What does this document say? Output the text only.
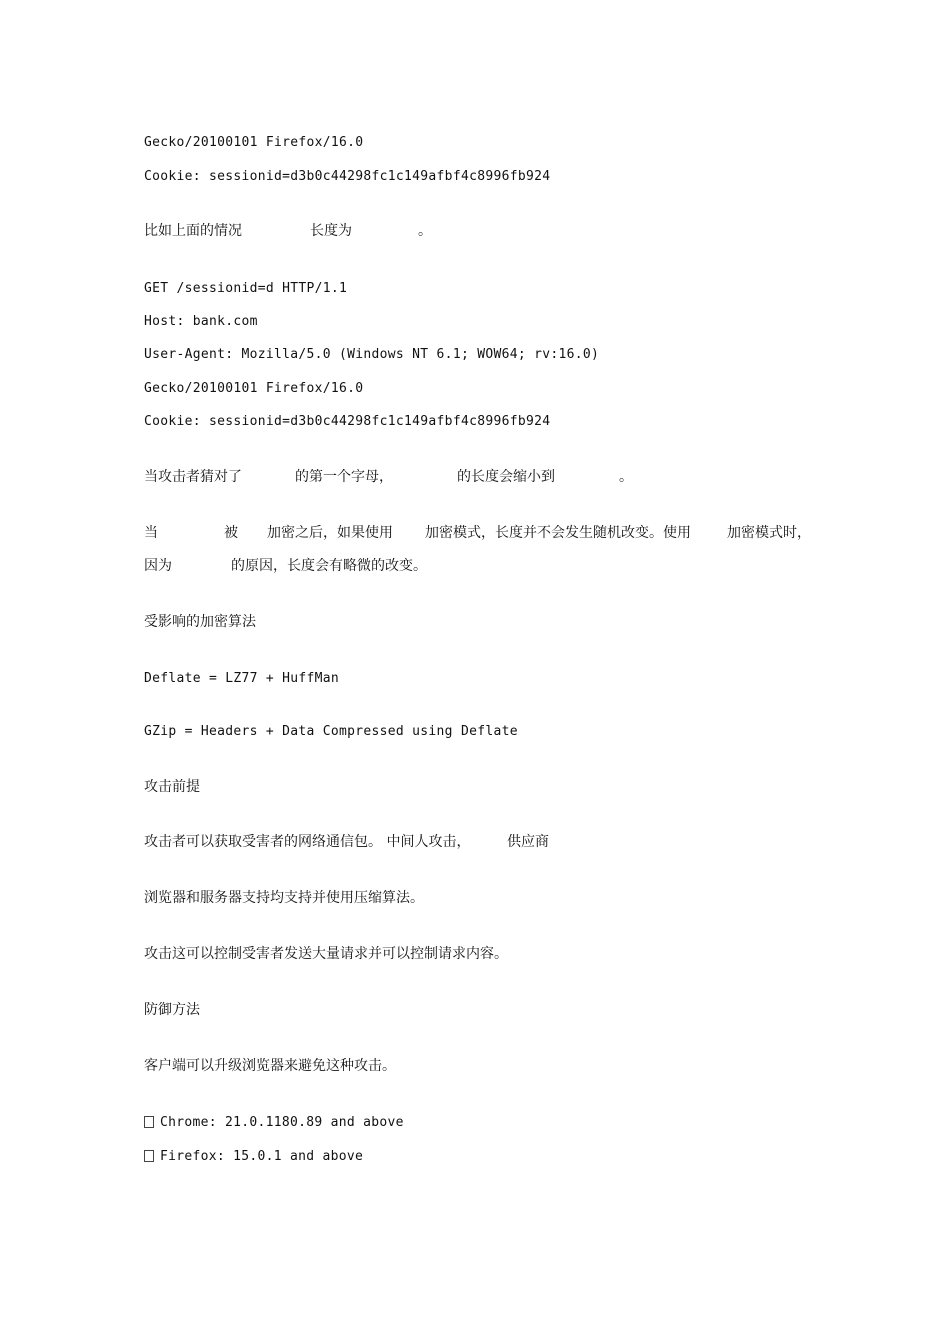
Gecko/20100101 Firefox/16.0
Cookie: sessionid=d3b0c44298fc1c149afbf4c8996fb924

比如上面的情况

	长度为

	。

GET /sessionid=d HTTP/1.1
Host: bank.com
User-Agent: Mozilla/5.0 (Windows NT 6.1; WOW64; rv:16.0)
Gecko/20100101 Firefox/16.0
Cookie: sessionid=d3b0c44298fc1c149afbf4c8996fb924

当攻击者猜对了

	的第一个字母，

	的长度会缩小到

	。

当

	被

加密之后，如果使用

加密模式，长度并不会发生随机改变。使用

	加密模式时，

因为

	的原因，长度会有略微的改变。

受影响的加密算法
Deflate = LZ77 + HuffMan
GZip = Headers + Data Compressed using Deflate
攻击前提

攻击者可以获取受害者的网络通信包。 中间人攻击，

	供应商

浏览器和服务器支持均支持并使用压缩算法。
攻击这可以控制受害者发送大量请求并可以控制请求内容。
防御方法
客户端可以升级浏览器来避免这种攻击。
Chrome: 21.0.1180.89 and above
Firefox: 15.0.1 and above
